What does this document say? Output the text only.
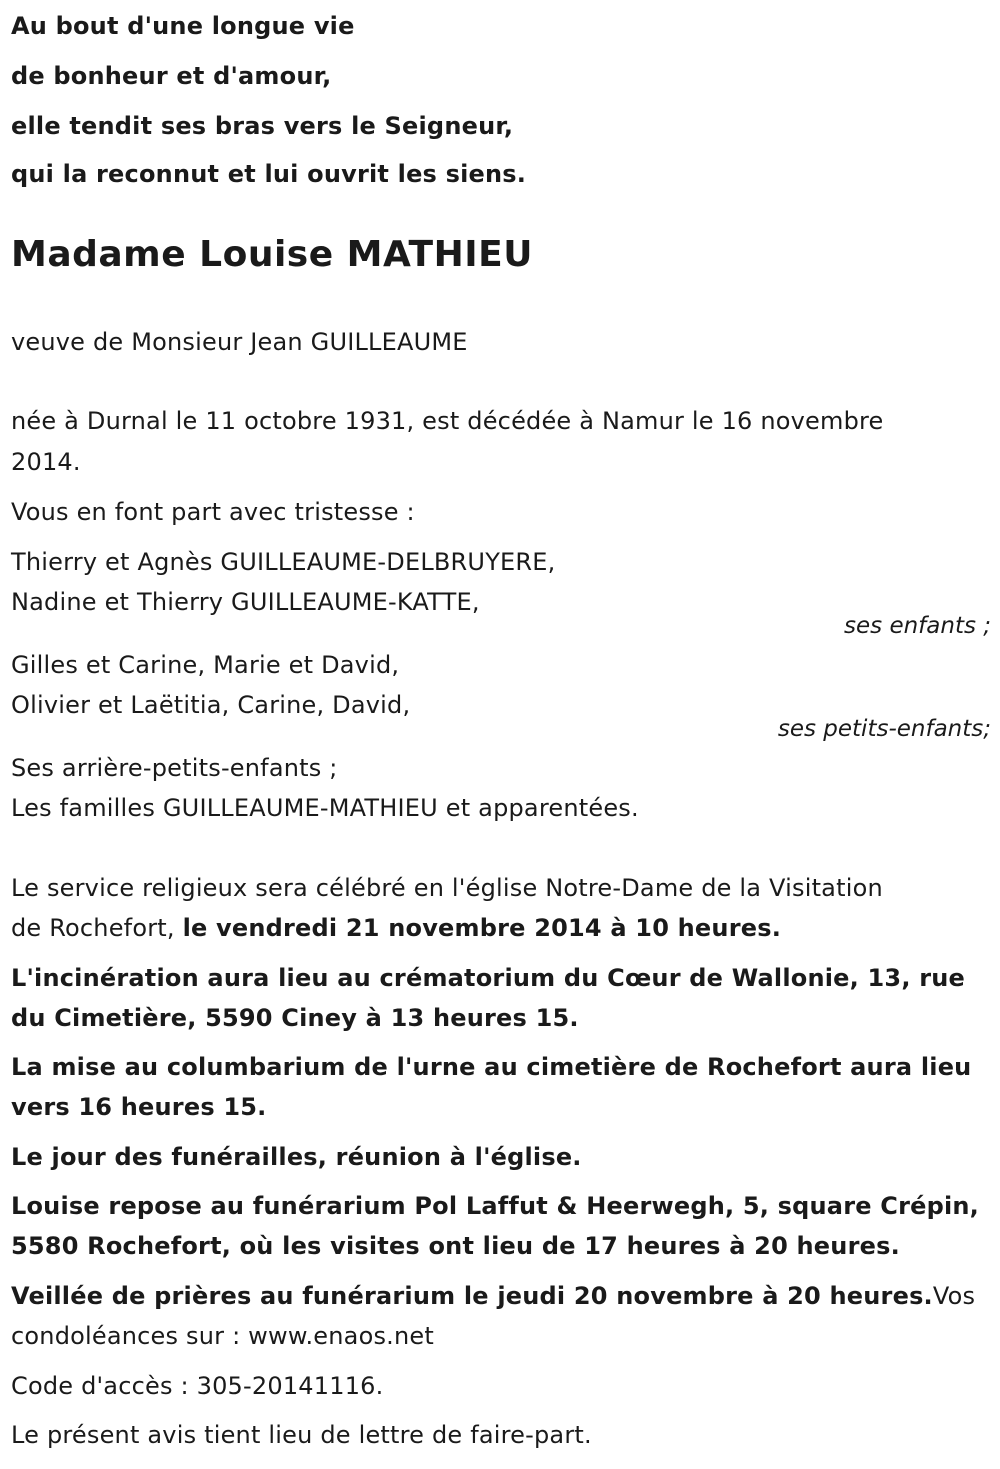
Au bout d'une longue vie
de bonheur et d'amour,
elle tendit ses bras vers le Seigneur,
qui la reconnut et lui ouvrit les siens.
Madame Louise MATHIEU
veuve de Monsieur Jean GUILLEAUME
née à Durnal le 11 octobre 1931, est décédée à Namur le 16 novembre
2014.
Vous en font part avec tristesse :
Thierry et Agnès GUILLEAUME-DELBRUYERE,
Nadine et Thierry GUILLEAUME-KATTE,
ses enfants ;
Gilles et Carine, Marie et David,
Olivier et Laëtitia, Carine, David,
ses petits-enfants;
Ses arrière-petits-enfants ;
Les familles GUILLEAUME-MATHIEU et apparentées.
Le service religieux sera célébré en l'église Notre-Dame de la Visitation
de Rochefort, le vendredi 21 novembre 2014 à 10 heures.
L'incinération aura lieu au crématorium du Cœur de Wallonie, 13, rue
du Cimetière, 5590 Ciney à 13 heures 15.
La mise au columbarium de l'urne au cimetière de Rochefort aura lieu
vers 16 heures 15.
Le jour des funérailles, réunion à l'église.
Louise repose au funérarium Pol Laffut & Heerwegh, 5, square Crépin,
5580 Rochefort, où les visites ont lieu de 17 heures à 20 heures.
Veillée de prières au funérarium le jeudi 20 novembre à 20 heures.Vos
condoléances sur : www.enaos.net
Code d'accès : 305-20141116.
Le présent avis tient lieu de lettre de faire-part.
